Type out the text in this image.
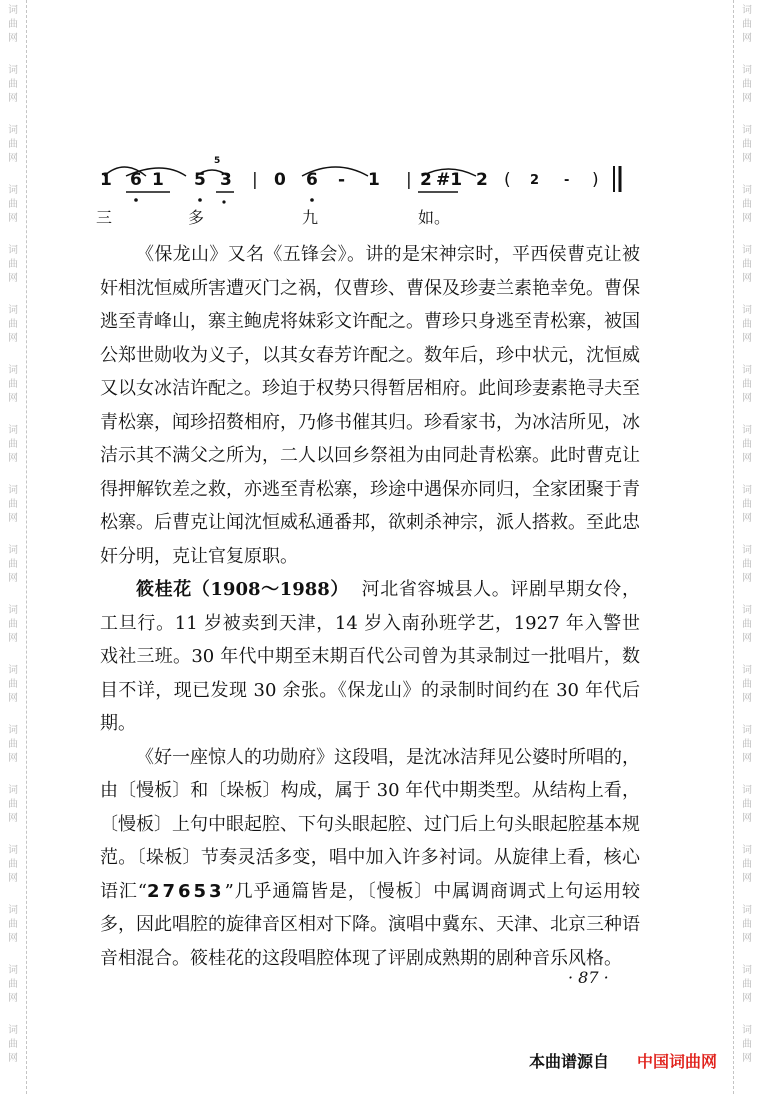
词
曲
网
词
曲
网
词
曲
网
词
曲
网
词
曲
网
词
曲
网
词
曲
网
词
曲
网
词
曲
网
词
曲
网
词
曲
网
词
曲
网
词
曲
网
词
曲
网
词
曲
网
词
曲
网
词
曲
网
词
曲
网
词
曲
网
词
曲
网
词
曲
网
词
曲
网
词
曲
网
词
曲
网
词
曲
网
词
曲
网
词
曲
网
词
曲
网
词
曲
网
词
曲
网
词
曲
网
词
曲
网
词
曲
网
词
曲
网
词
曲
网
词
曲
网
1 6 1 5 3
5
| 0 6 - 1 | 2 #1 2 ( 2 - )
三	多	九	如。

《保龙山》又名《五锋会》。讲的是宋神宗时，平西侯曹克让被奸相沈恒威所害遭灭门之祸，仅曹珍、曹保及珍妻兰素艳幸免。曹保逃至青峰山，寨主鲍虎将妹彩文许配之。曹珍只身逃至青松寨，被国公郑世勋收为义子，以其女春芳许配之。数年后，珍中状元，沈恒威又以女冰洁许配之。珍迫于权势只得暂居相府。此间珍妻素艳寻夫至青松寨，闻珍招赘相府，乃修书催其归。珍看家书，为冰洁所见，冰洁示其不满父之所为，二人以回乡祭祖为由同赴青松寨。此时曹克让得押解钦差之救，亦逃至青松寨，珍途中遇保亦同归，全家团聚于青松寨。后曹克让闻沈恒威私通番邦，欲刺杀神宗，派人搭救。至此忠奸分明，克让官复原职。

筱桂花（1908～1988） 河北省容城县人。评剧早期女伶，工旦行。11 岁被卖到天津，14 岁入南孙班学艺，1927 年入警世戏社三班。30 年代中期至末期百代公司曾为其录制过一批唱片，数目不详，现已发现 30 余张。《保龙山》的录制时间约在 30 年代后期。

《好一座惊人的功勋府》这段唱，是沈冰洁拜见公婆时所唱的，由〔慢板〕和〔垛板〕构成，属于 30 年代中期类型。从结构上看，〔慢板〕上句中眼起腔、下句头眼起腔、过门后上句头眼起腔基本规范。〔垛板〕节奏灵活多变，唱中加入许多衬词。从旋律上看，核心语汇“27653”几乎通篇皆是，〔慢板〕中属调商调式上句运用较多，因此唱腔的旋律音区相对下降。演唱中冀东、天津、北京三种语音相混合。筱桂花的这段唱腔体现了评剧成熟期的剧种音乐风格。

· 87 ·
本曲谱源自 中国词曲网
